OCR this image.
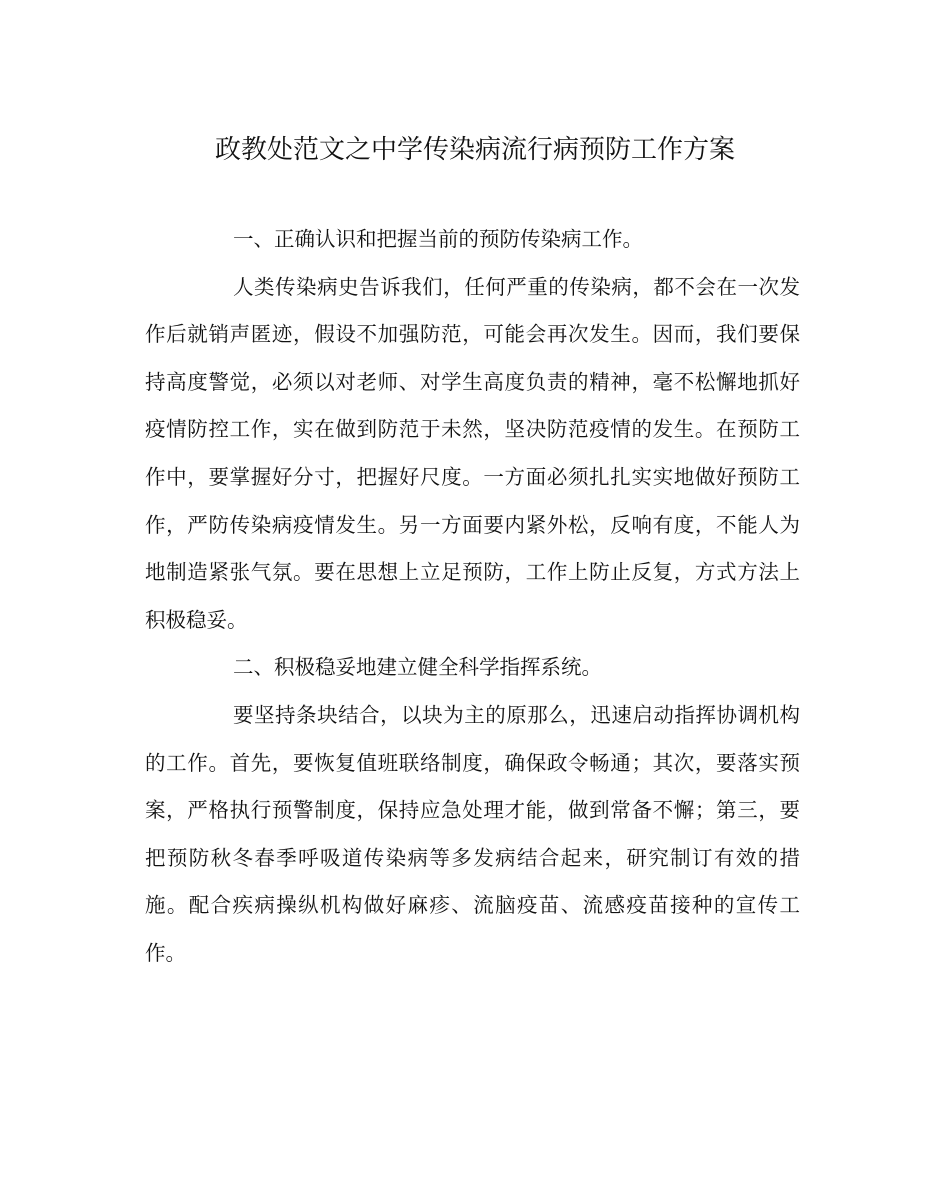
政教处范文之中学传染病流行病预防工作方案

一、正确认识和把握当前的预防传染病工作。

人类传染病史告诉我们，任何严重的传染病，都不会在一次发作后就销声匿迹，假设不加强防范，可能会再次发生。因而，我们要保持高度警觉，必须以对老师、对学生高度负责的精神，毫不松懈地抓好疫情防控工作，实在做到防范于未然，坚决防范疫情的发生。在预防工作中，要掌握好分寸，把握好尺度。一方面必须扎扎实实地做好预防工作，严防传染病疫情发生。另一方面要内紧外松，反响有度，不能人为地制造紧张气氛。要在思想上立足预防，工作上防止反复，方式方法上积极稳妥。

二、积极稳妥地建立健全科学指挥系统。

要坚持条块结合，以块为主的原那么，迅速启动指挥协调机构的工作。首先，要恢复值班联络制度，确保政令畅通；其次，要落实预案，严格执行预警制度，保持应急处理才能，做到常备不懈；第三，要把预防秋冬春季呼吸道传染病等多发病结合起来，研究制订有效的措施。配合疾病操纵机构做好麻疹、流脑疫苗、流感疫苗接种的宣传工作。
